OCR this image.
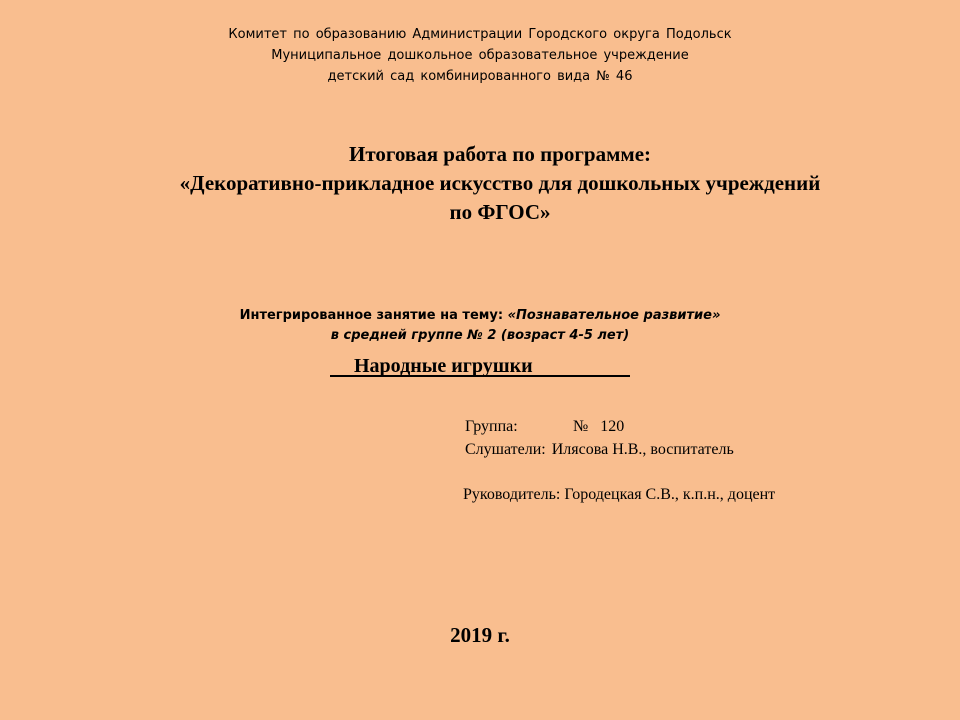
Комитет по образованию Администрации Городского округа Подольск
Муниципальное дошкольное образовательное учреждение
детский сад комбинированного вида № 46
Итоговая работа по программе:
«Декоративно-прикладное искусство для дошкольных учреждений
по ФГОС»
Интегрированное занятие на тему: «Познавательное развитие»
в средней группе № 2 (возраст 4-5 лет)
Народные игрушки
Группа:	№   120
Слушатели: Илясова Н.В., воспитатель
Руководитель: Городецкая С.В., к.п.н., доцент
2019 г.
